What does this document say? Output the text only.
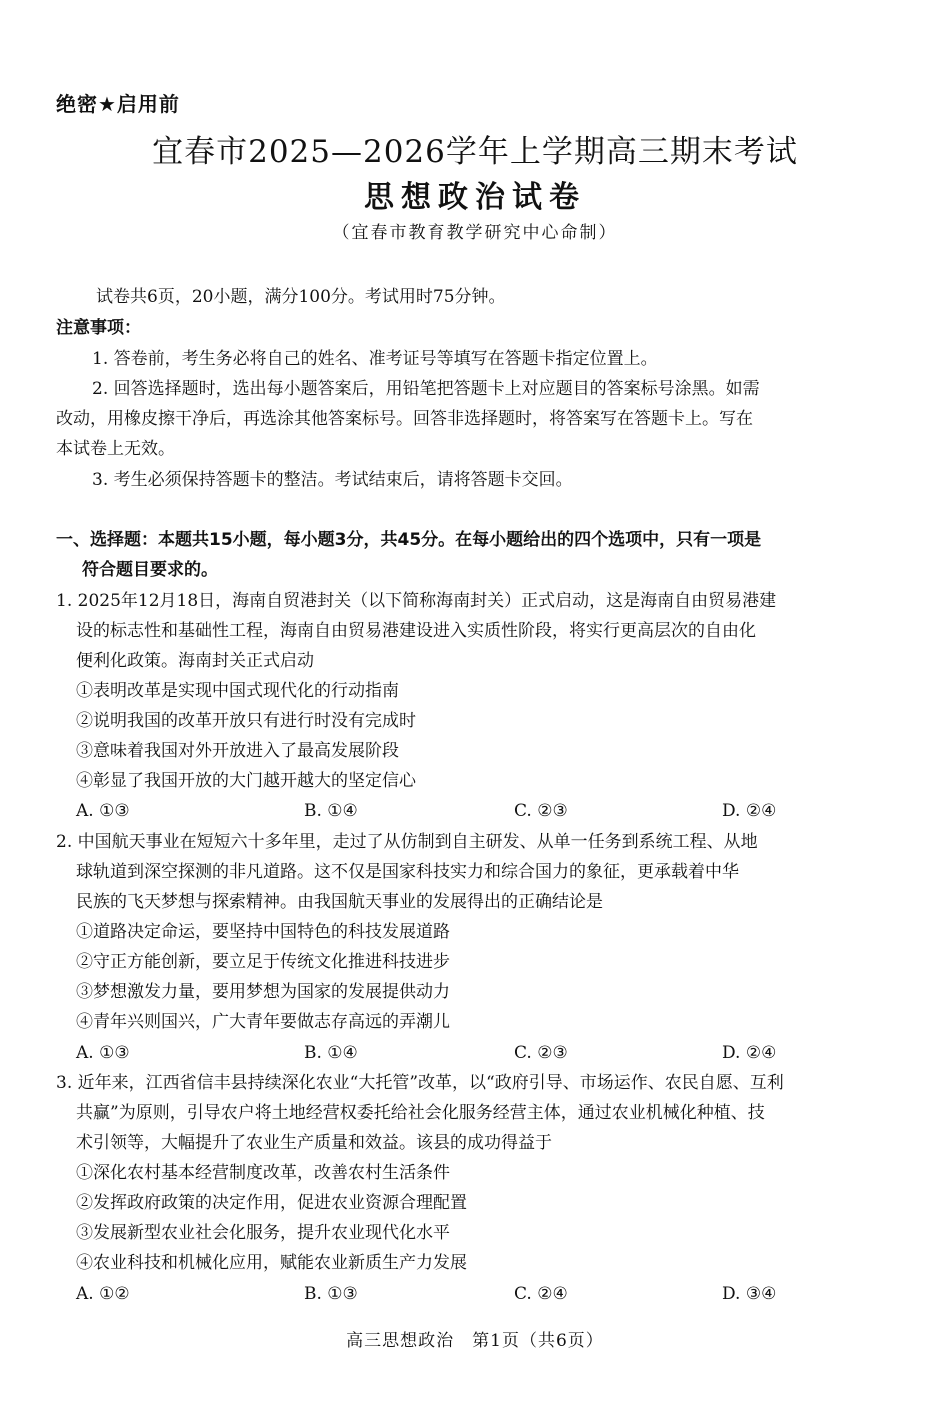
绝密★启用前
宜春市2025—2026学年上学期高三期末考试
思想政治试卷
（宜春市教育教学研究中心命制）
试卷共6页，20小题，满分100分。考试用时75分钟。
注意事项：
1. 答卷前，考生务必将自己的姓名、准考证号等填写在答题卡指定位置上。
2. 回答选择题时，选出每小题答案后，用铅笔把答题卡上对应题目的答案标号涂黑。如需
改动，用橡皮擦干净后，再选涂其他答案标号。回答非选择题时，将答案写在答题卡上。写在
本试卷上无效。
3. 考生必须保持答题卡的整洁。考试结束后，请将答题卡交回。
一、选择题：本题共15小题，每小题3分，共45分。在每小题给出的四个选项中，只有一项是
符合题目要求的。
1. 2025年12月18日，海南自贸港封关（以下简称海南封关）正式启动，这是海南自由贸易港建
设的标志性和基础性工程，海南自由贸易港建设进入实质性阶段，将实行更高层次的自由化
便利化政策。海南封关正式启动
①表明改革是实现中国式现代化的行动指南
②说明我国的改革开放只有进行时没有完成时
③意味着我国对外开放进入了最高发展阶段
④彰显了我国开放的大门越开越大的坚定信心
A. ①③	B. ①④	C. ②③	D. ②④
2. 中国航天事业在短短六十多年里，走过了从仿制到自主研发、从单一任务到系统工程、从地
球轨道到深空探测的非凡道路。这不仅是国家科技实力和综合国力的象征，更承载着中华
民族的飞天梦想与探索精神。由我国航天事业的发展得出的正确结论是
①道路决定命运，要坚持中国特色的科技发展道路
②守正方能创新，要立足于传统文化推进科技进步
③梦想激发力量，要用梦想为国家的发展提供动力
④青年兴则国兴，广大青年要做志存高远的弄潮儿
A. ①③	B. ①④	C. ②③	D. ②④
3. 近年来，江西省信丰县持续深化农业“大托管”改革，以“政府引导、市场运作、农民自愿、互利
共赢”为原则，引导农户将土地经营权委托给社会化服务经营主体，通过农业机械化种植、技
术引领等，大幅提升了农业生产质量和效益。该县的成功得益于
①深化农村基本经营制度改革，改善农村生活条件
②发挥政府政策的决定作用，促进农业资源合理配置
③发展新型农业社会化服务，提升农业现代化水平
④农业科技和机械化应用，赋能农业新质生产力发展
A. ①②	B. ①③	C. ②④	D. ③④
高三思想政治　第1页（共6页）
